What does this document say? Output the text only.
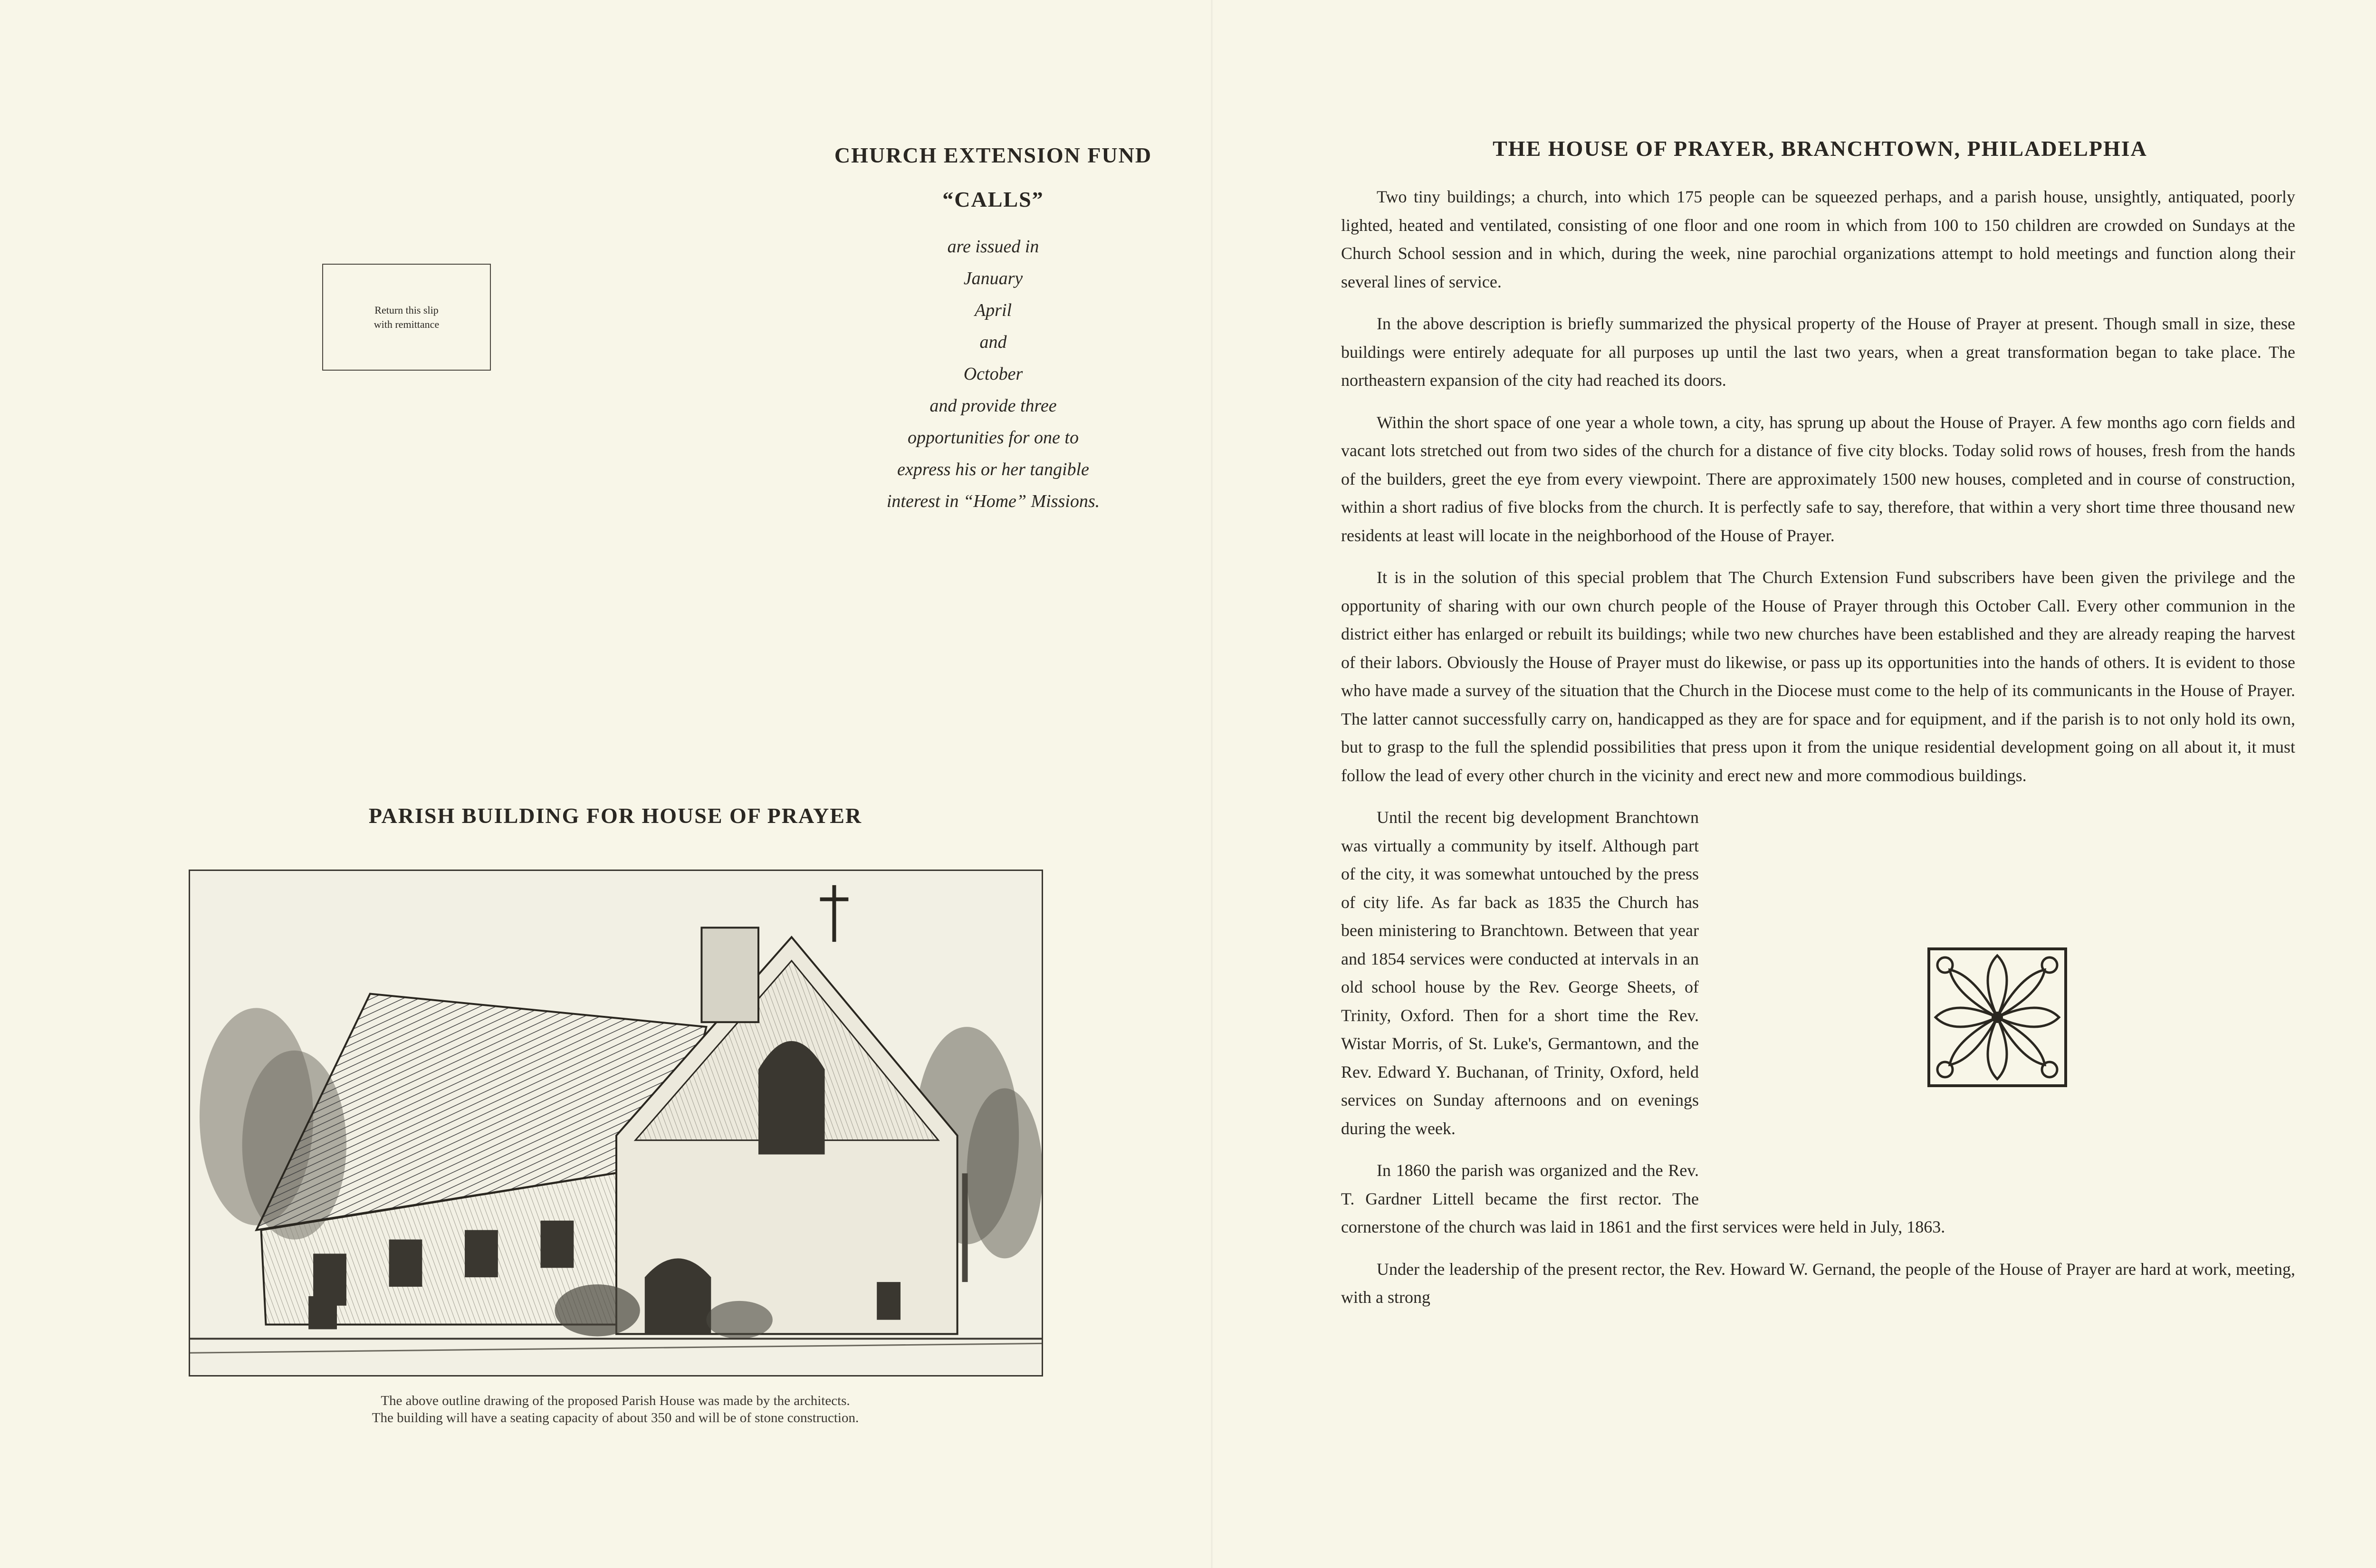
CHURCH EXTENSION FUND
“CALLS”

are issued in

January

April

and

October

and provide three

opportunities for one to

express his or her tangible

interest in “Home” Missions.

Return this slip
with remittance
PARISH BUILDING FOR HOUSE OF PRAYER
The above outline drawing of the proposed Parish House was made by the architects.
The building will have a seating capacity of about 350 and will be of stone construction.
THE HOUSE OF PRAYER, BRANCHTOWN, PHILADELPHIA

Two tiny buildings; a church, into which 175 people can be squeezed perhaps, and a parish house, unsightly, antiquated, poorly lighted, heated and ventilated, consisting of one floor and one room in which from 100 to 150 children are crowded on Sundays at the Church School session and in which, during the week, nine parochial organizations attempt to hold meetings and function along their several lines of service.

In the above description is briefly summarized the physical property of the House of Prayer at present. Though small in size, these buildings were entirely adequate for all purposes up until the last two years, when a great transformation began to take place. The northeastern expansion of the city had reached its doors.

Within the short space of one year a whole town, a city, has sprung up about the House of Prayer. A few months ago corn fields and vacant lots stretched out from two sides of the church for a distance of five city blocks. Today solid rows of houses, fresh from the hands of the builders, greet the eye from every viewpoint. There are approximately 1500 new houses, completed and in course of construction, within a short radius of five blocks from the church. It is perfectly safe to say, therefore, that within a very short time three thousand new residents at least will locate in the neighborhood of the House of Prayer.

It is in the solution of this special problem that The Church Extension Fund subscribers have been given the privilege and the opportunity of sharing with our own church people of the House of Prayer through this October Call. Every other communion in the district either has enlarged or rebuilt its buildings; while two new churches have been established and they are already reaping the harvest of their labors. Obviously the House of Prayer must do likewise, or pass up its opportunities into the hands of others. It is evident to those who have made a survey of the situation that the Church in the Diocese must come to the help of its communicants in the House of Prayer. The latter cannot successfully carry on, handicapped as they are for space and for equipment, and if the parish is to not only hold its own, but to grasp to the full the splendid possibilities that press upon it from the unique residential development going on all about it, it must follow the lead of every other church in the vicinity and erect new and more commodious buildings.

Until the recent big development Branchtown was virtually a community by itself. Although part of the city, it was somewhat untouched by the press of city life. As far back as 1835 the Church has been ministering to Branchtown. Between that year and 1854 services were conducted at intervals in an old school house by the Rev. George Sheets, of Trinity, Oxford. Then for a short time the Rev. Wistar Morris, of St. Luke's, Germantown, and the Rev. Edward Y. Buchanan, of Trinity, Oxford, held services on Sunday afternoons and on evenings during the week.

In 1860 the parish was organized and the Rev. T. Gardner Littell became the first rector. The cornerstone of the church was laid in 1861 and the first services were held in July, 1863.

Under the leadership of the present rector, the Rev. Howard W. Gernand, the people of the House of Prayer are hard at work, meeting, with a strong
